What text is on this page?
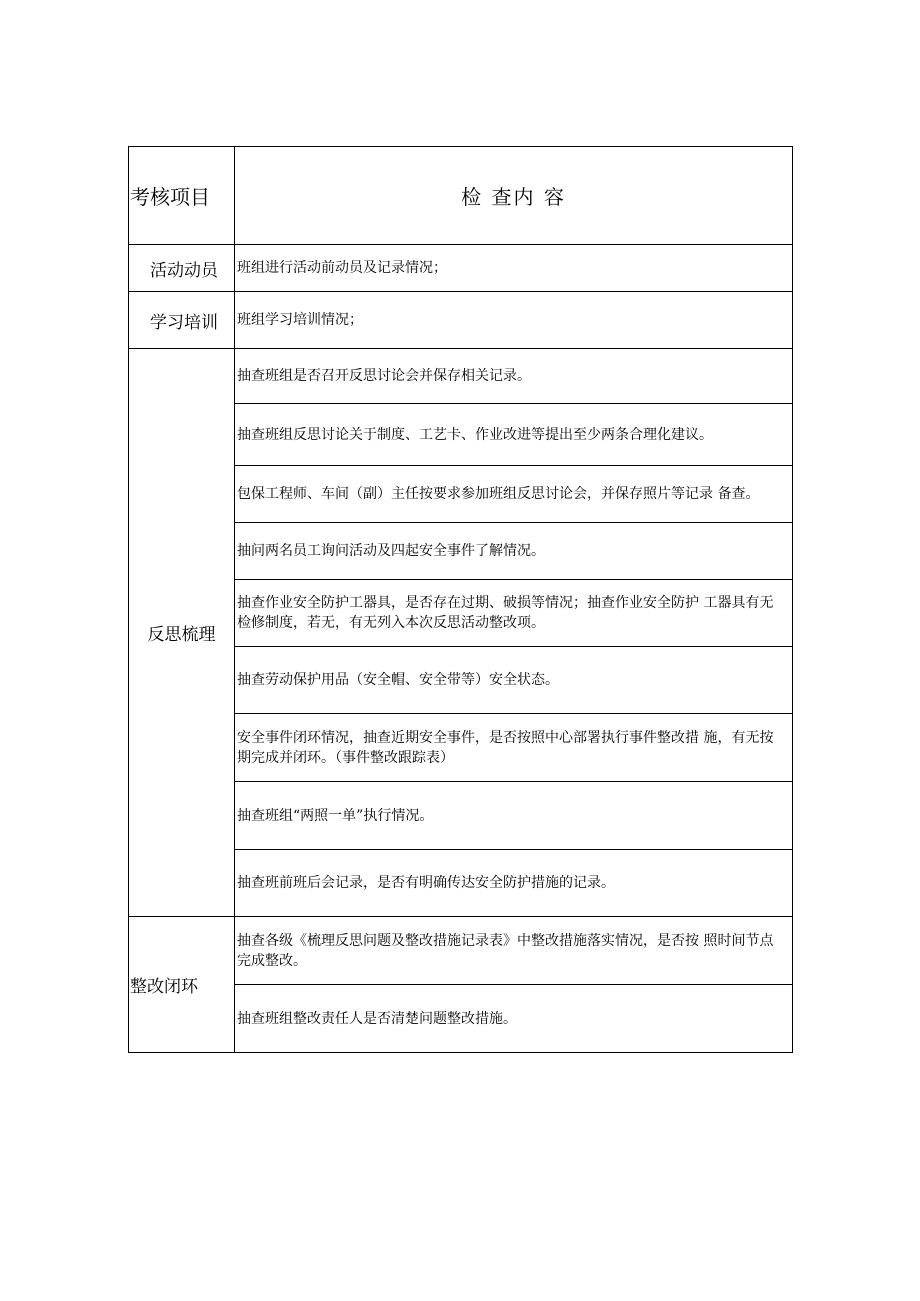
考核项目	检 查内 容
活动动员	班组进行活动前动员及记录情况；
学习培训	班组学习培训情况；
反思梳理	抽查班组是否召开反思讨论会并保存相关记录。
	抽查班组反思讨论关于制度、工艺卡、作业改进等提出至少两条合理化建议。
	包保工程师、车间（副）主任按要求参加班组反思讨论会，并保存照片等记录 备查。
	抽问两名员工询问活动及四起安全事件了解情况。
	抽查作业安全防护工器具，是否存在过期、破损等情况；抽查作业安全防护 工器具有无检修制度，若无，有无列入本次反思活动整改项。
	抽查劳动保护用品（安全帽、安全带等）安全状态。
	安全事件闭环情况，抽查近期安全事件，是否按照中心部署执行事件整改措 施，有无按期完成并闭环。（事件整改跟踪表）
	抽查班组“两照一单”执行情况。
	抽查班前班后会记录，是否有明确传达安全防护措施的记录。
整改闭环	抽查各级《梳理反思问题及整改措施记录表》中整改措施落实情况，是否按 照时间节点完成整改。
	抽查班组整改责任人是否清楚问题整改措施。
